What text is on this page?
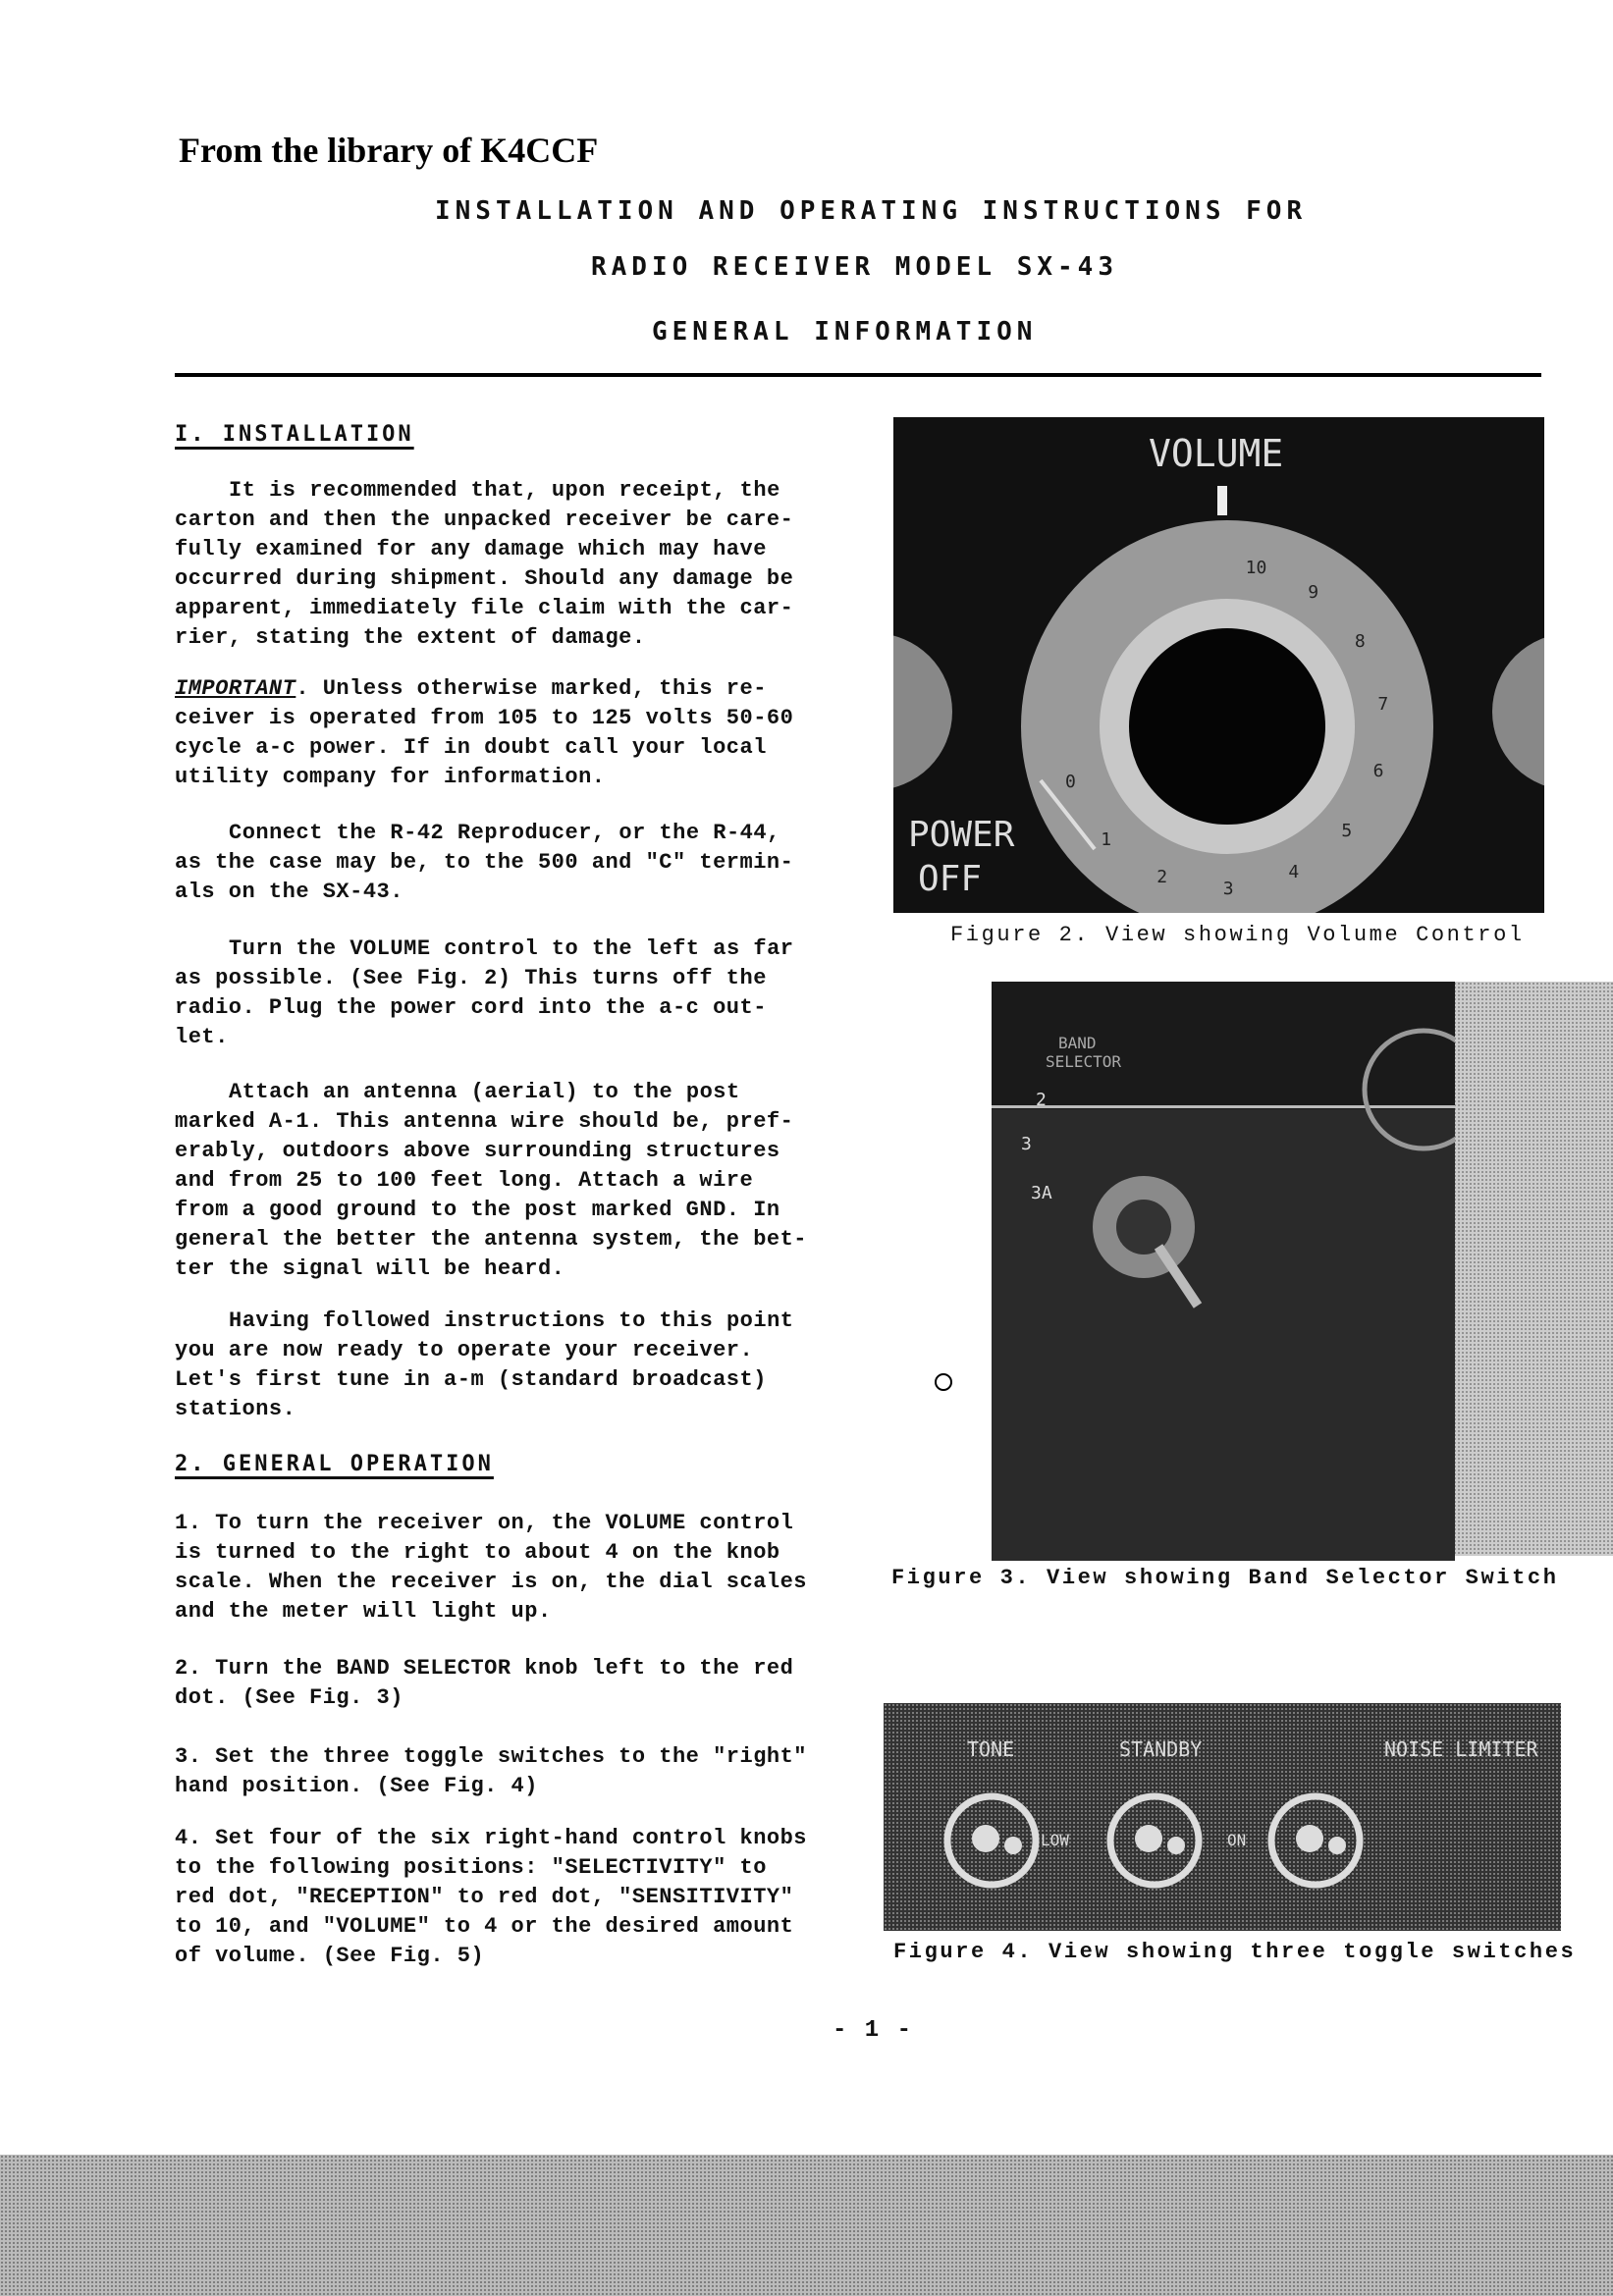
From the library of K4CCF
INSTALLATION AND OPERATING INSTRUCTIONS FOR
RADIO RECEIVER MODEL SX-43
GENERAL INFORMATION
I. INSTALLATION
It is recommended that, upon receipt, the
carton and then the unpacked receiver be care-
fully examined for any damage which may have
occurred during shipment. Should any damage be
apparent, immediately file claim with the car-
rier, stating the extent of damage.
IMPORTANT. Unless otherwise marked, this re-
ceiver is operated from 105 to 125 volts 50-60
cycle a-c power. If in doubt call your local
utility company for information.
Connect the R-42 Reproducer, or the R-44,
as the case may be, to the 500 and "C" termin-
als on the SX-43.
Turn the VOLUME control to the left as far
as possible. (See Fig. 2) This turns off the
radio. Plug the power cord into the a-c out-
let.
Attach an antenna (aerial) to the post
marked A-1. This antenna wire should be, pref-
erably, outdoors above surrounding structures
and from 25 to 100 feet long. Attach a wire
from a good ground to the post marked GND. In
general the better the antenna system, the bet-
ter the signal will be heard.
Having followed instructions to this point
you are now ready to operate your receiver.
Let's first tune in a-m (standard broadcast)
stations.
2. GENERAL OPERATION
1. To turn the receiver on, the VOLUME control
is turned to the right to about 4 on the knob
scale. When the receiver is on, the dial scales
and the meter will light up.
2. Turn the BAND SELECTOR knob left to the red
dot. (See Fig. 3)
3. Set the three toggle switches to the "right"
hand position. (See Fig. 4)
4. Set four of the six right-hand control knobs
to the following positions: "SELECTIVITY" to
red dot, "RECEPTION" to red dot, "SENSITIVITY"
to 10, and "VOLUME" to 4 or the desired amount
of volume. (See Fig. 5)
VOLUME
POWER
OFF
10
9
8
7
6
5
4
3
2
1
0
Figure 2. View showing Volume Control
BAND
SELECTOR
2
3
3A
Figure 3. View showing Band Selector Switch
TONE	STANDBY	NOISE LIMITER
LOW	ON
Figure 4. View showing three toggle switches
- 1 -
